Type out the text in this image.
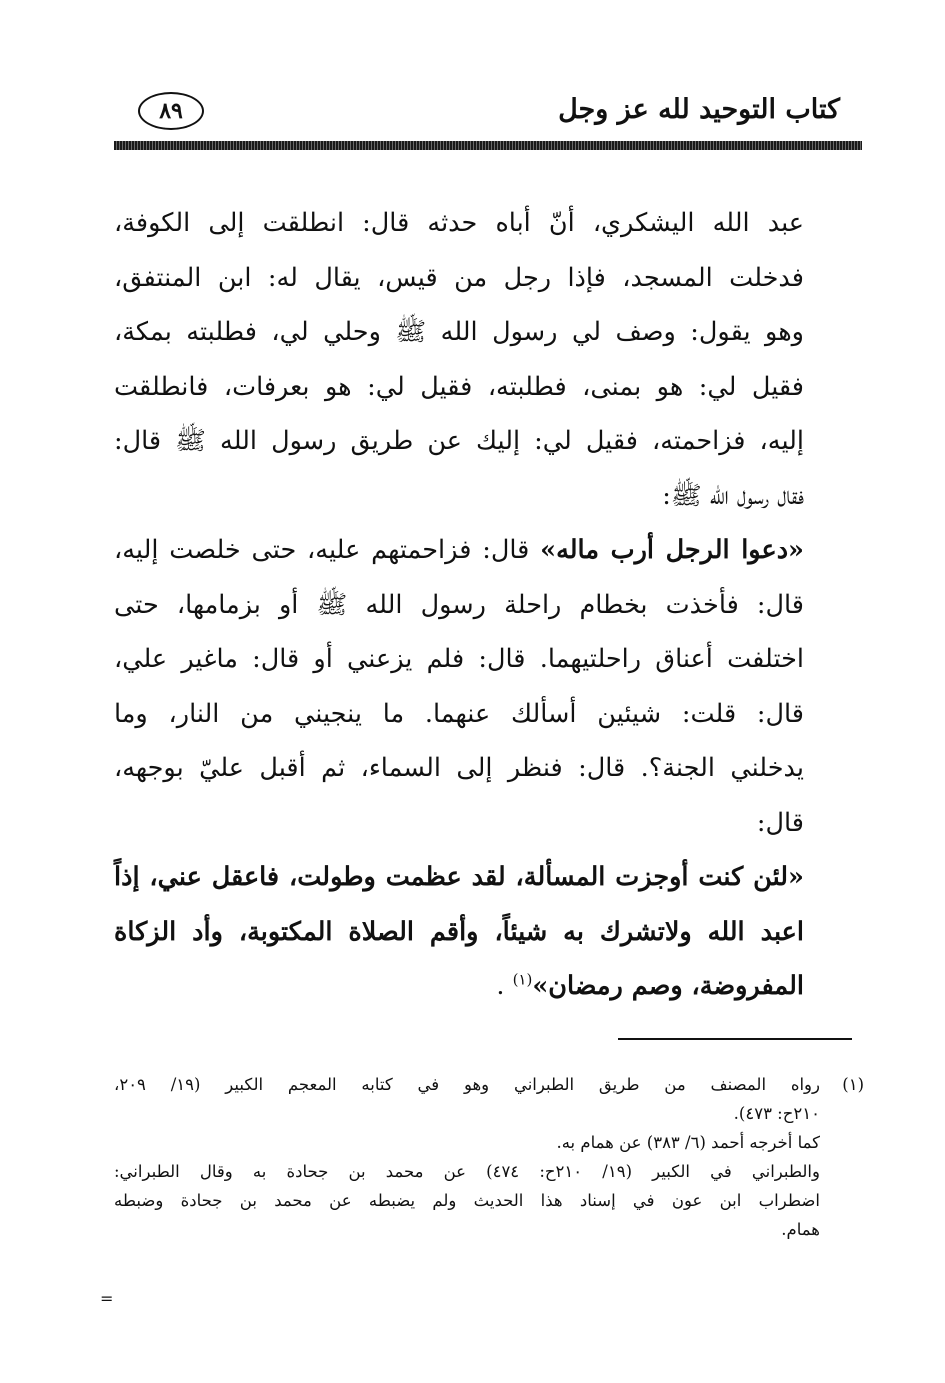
٨٩	كتاب التوحيد لله عز وجل
عبد الله اليشكري، أنّ أباه حدثه قال: انطلقت إلى الكوفة،
فدخلت المسجد، فإذا رجل من قيس، يقال له: ابن المنتفق،
وهو يقول: وصف لي رسول الله ﷺ وحلي لي، فطلبته بمكة،
فقيل لي: هو بمنى، فطلبته، فقيل لي: هو بعرفات، فانطلقت
إليه، فزاحمته، فقيل لي: إليك عن طريق رسول الله ﷺ قال:
فقال رسول الله ﷺ:
«دعوا الرجل أرب ماله» قال: فزاحمتهم عليه، حتى خلصت إليه،
قال: فأخذت بخطام راحلة رسول الله ﷺ أو بزمامها، حتى
اختلفت أعناق راحلتيهما. قال: فلم يزعني أو قال: ماغير علي،
قال: قلت: شيئين أسألك عنهما. ما ينجيني من النار، وما
يدخلني الجنة؟. قال: فنظر إلى السماء، ثم أقبل عليّ بوجهه،
قال:
«لئن كنت أوجزت المسألة، لقد عظمت وطولت، فاعقل عني، إذاً
اعبد الله ولاتشرك به شيئاً، وأقم الصلاة المكتوبة، وأد الزكاة
المفروضة، وصم رمضان»$^{(١)}$ .
(١)
رواه المصنف من طريق الطبراني وهو في كتابه المعجم الكبير (١٩/ ٢٠٩،
٢١٠ح: ٤٧٣).
كما أخرجه أحمد (٦/ ٣٨٣) عن همام به.
والطبراني في الكبير (١٩/ ٢١٠ح: ٤٧٤) عن محمد بن جحادة به وقال الطبراني:
اضطراب ابن عون في إسناد هذا الحديث ولم يضبطه عن محمد بن جحادة وضبطه
همام.
=
